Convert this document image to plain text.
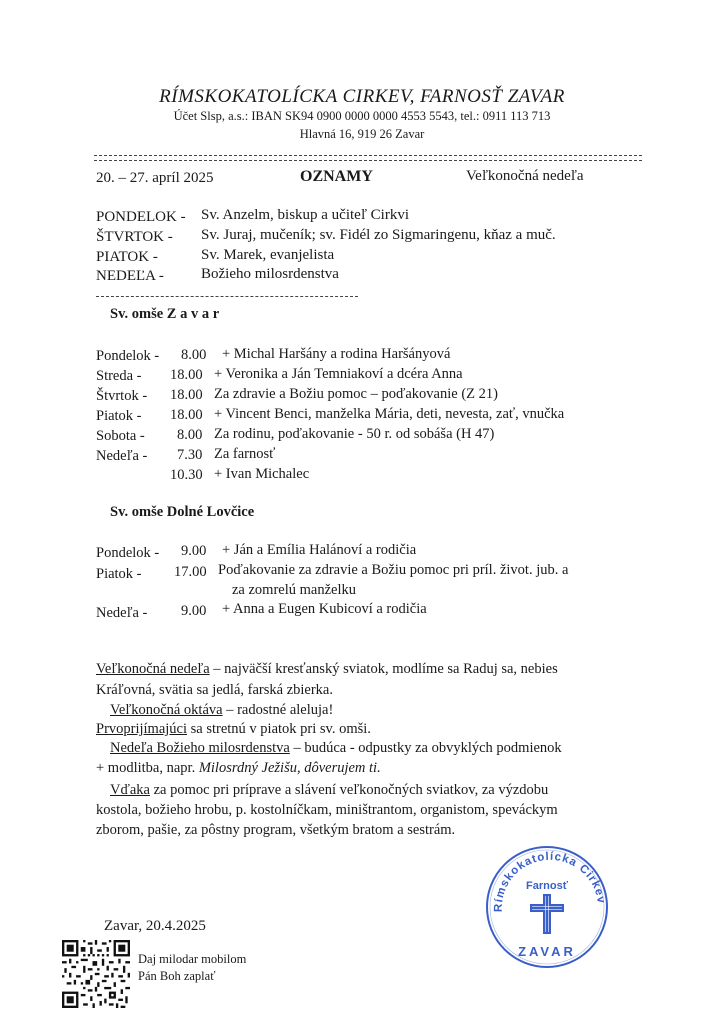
RÍMSKOKATOLÍCKA CIRKEV, FARNOSŤ ZAVAR
Účet Slsp, a.s.: IBAN SK94 0900 0000 0000 4553 5543, tel.: 0911 113 713
Hlavná 16, 919 26 Zavar
20. – 27. apríl 2025	OZNAMY	Veľkonočná nedeľa
PONDELOK - Sv. Anzelm, biskup a učiteľ Cirkvi
ŠTVRTOK - Sv. Juraj, mučeník; sv. Fidél zo Sigmaringenu, kňaz a muč.
PIATOK -	Sv. Marek, evanjelista
NEDEĽA - Božieho milosrdenstva
Sv. omše Z a v a r
Pondelok - 8.00 + Michal Haršány a rodina Haršányová
Streda - 18.00 + Veronika a Ján Temniakoví a dcéra Anna
Štvrtok - 18.00 Za zdravie a Božiu pomoc – poďakovanie (Z 21)
Piatok - 18.00 + Vincent Benci, manželka Mária, deti, nevesta, zať, vnučka
Sobota - 8.00 Za rodinu, poďakovanie - 50 r. od sobáša (H 47)
Nedeľa - 7.30 Za farnosť
10.30 + Ivan Michalec
Sv. omše Dolné Lovčice
Pondelok - 9.00 + Ján a Emília Halánoví a rodičia
Piatok - 17.00 Poďakovanie za zdravie a Božiu pomoc pri príl. život. jub. a
za zomrelú manželku
Nedeľa - 9.00 + Anna a Eugen Kubicoví a rodičia
Veľkonočná nedeľa – najväčší kresťanský sviatok, modlíme sa Raduj sa, nebies
Kráľovná, svätia sa jedlá, farská zbierka.
Veľkonočná oktáva – radostné aleluja!
Prvoprijímajúci sa stretnú v piatok pri sv. omši.
Nedeľa Božieho milosrdenstva – budúca - odpustky za obvyklých podmienok
+ modlitba, napr. Milosrdný Ježišu, dôverujem ti.
Vďaka za pomoc pri príprave a slávení veľkonočných sviatkov, za výzdobu
kostola, božieho hrobu, p. kostolníčkam, miništrantom, organistom, speváckym
zborom, pašie, za pôstny program, všetkým bratom a sestrám.
Zavar, 20.4.2025
Daj milodar mobilom
Pán Boh zaplať
Rímskokatolícka Cirkev
Farnosť
ZAVAR
